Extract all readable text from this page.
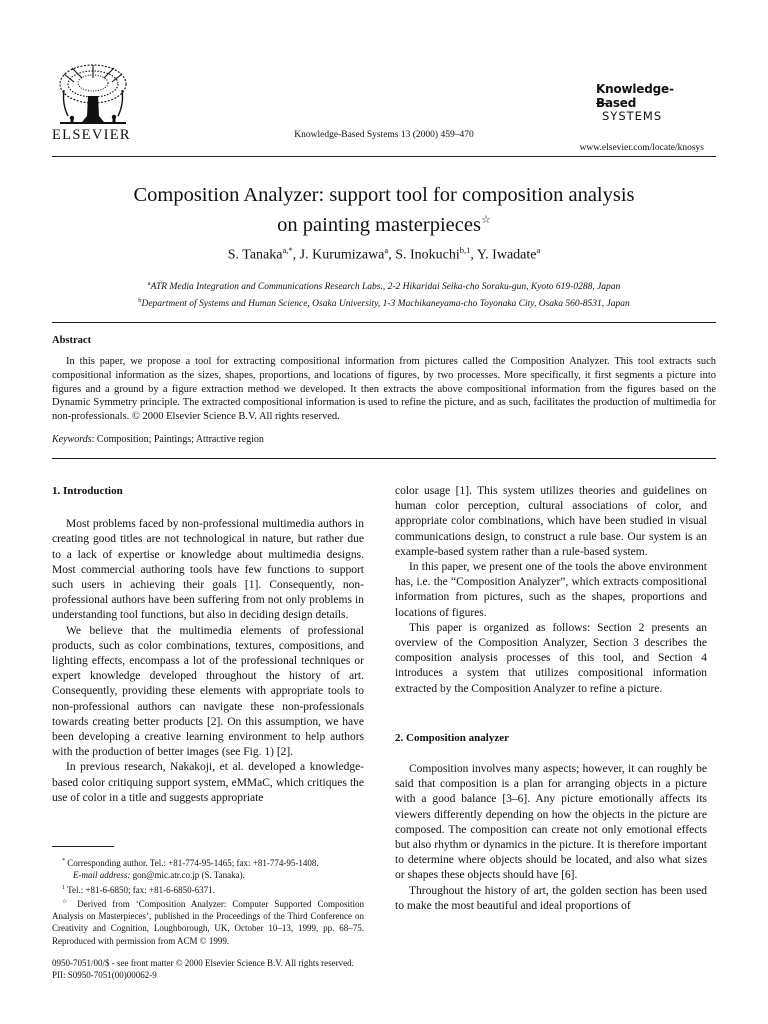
ELSEVIER	Knowledge-Based Systems 13 (2000) 459–470
Knowledge-Based
SYSTEMS
www.elsevier.com/locate/knosys
Composition Analyzer: support tool for composition analysis
on painting masterpieces☆
S. Tanaka$^{a,*}$, J. Kurumizawa$^a$, S. Inokuchi$^{b,1}$, Y. Iwadate$^a$
$^a$ATR Media Integration and Communications Research Labs., 2-2 Hikaridai Seika-cho Soraku-gun, Kyoto 619-0288, Japan
$^b$Department of Systems and Human Science, Osaka University, 1-3 Machikaneyama-cho Toyonaka City, Osaka 560-8531, Japan
Abstract

In this paper, we propose a tool for extracting compositional information from pictures called the Composition Analyzer. This tool extracts such compositional information as the sizes, shapes, proportions, and locations of figures, by two processes. More specifically, it first segments a picture into figures and a ground by a figure extraction method we developed. It then extracts the above compositional information from the figures based on the Dynamic Symmetry principle. The extracted compositional information is used to refine the picture, and as such, facilitates the production of multimedia for non-professionals. © 2000 Elsevier Science B.V. All rights reserved.

Keywords: Composition; Paintings; Attractive region
1. Introduction

Most problems faced by non-professional multimedia authors in creating good titles are not technological in nature, but rather due to a lack of expertise or knowledge about multimedia designs. Most commercial authoring tools have few functions to support such users in achieving their goals [1]. Consequently, non-professional authors have been suffering from not only problems in understanding tool functions, but also in deciding design details.

We believe that the multimedia elements of professional products, such as color combinations, textures, compositions, and lighting effects, encompass a lot of the professional techniques or expert knowledge developed throughout the history of art. Consequently, providing these elements with appropriate tools to non-professional authors can navigate these non-professionals towards creating better products [2]. On this assumption, we have been developing a creative learning environment to help authors with the production of better images (see Fig. 1) [2].

In previous research, Nakakoji, et al. developed a knowledge-based color critiquing support system, eMMaC, which critiques the use of color in a title and suggests appropriate

color usage [1]. This system utilizes theories and guidelines on human color perception, cultural associations of color, and appropriate color combinations, which have been studied in visual communications design, to construct a rule base. Our system is an example-based system rather than a rule-based system.

In this paper, we present one of the tools the above environment has, i.e. the “Composition Analyzer”, which extracts compositional information from pictures, such as the shapes, proportions and locations of figures.

This paper is organized as follows: Section 2 presents an overview of the Composition Analyzer, Section 3 describes the composition analysis processes of this tool, and Section 4 introduces a system that utilizes compositional information extracted by the Composition Analyzer to refine a picture.

2. Composition analyzer

Composition involves many aspects; however, it can roughly be said that composition is a plan for arranging objects in a picture with a good balance [3–6]. Any picture emotionally affects its viewers differently depending on how the objects in the picture are composed. The composition can create not only emotional effects but also rhythm or dynamics in the picture. It is therefore important to determine where objects should be located, and also what sizes or shapes these objects should have [6].

Throughout the history of art, the golden section has been used to make the most beautiful and ideal proportions of

* Corresponding author. Tel.: +81-774-95-1465; fax: +81-774-95-1408.

E-mail address: gon@mic.atr.co.jp (S. Tanaka).

$^1$ Tel.: +81-6-6850; fax: +81-6-6850-6371.

☆ Derived from ‘Composition Analyzer: Computer Supported Composition Analysis on Masterpieces’, published in the Proceedings of the Third Conference on Creativity and Cognition, Loughborough, UK, October 10–13, 1999, pp. 68–75. Reproduced with permission from ACM © 1999.

0950-7051/00/$ - see front matter © 2000 Elsevier Science B.V. All rights reserved.
PII: S0950-7051(00)00062-9
